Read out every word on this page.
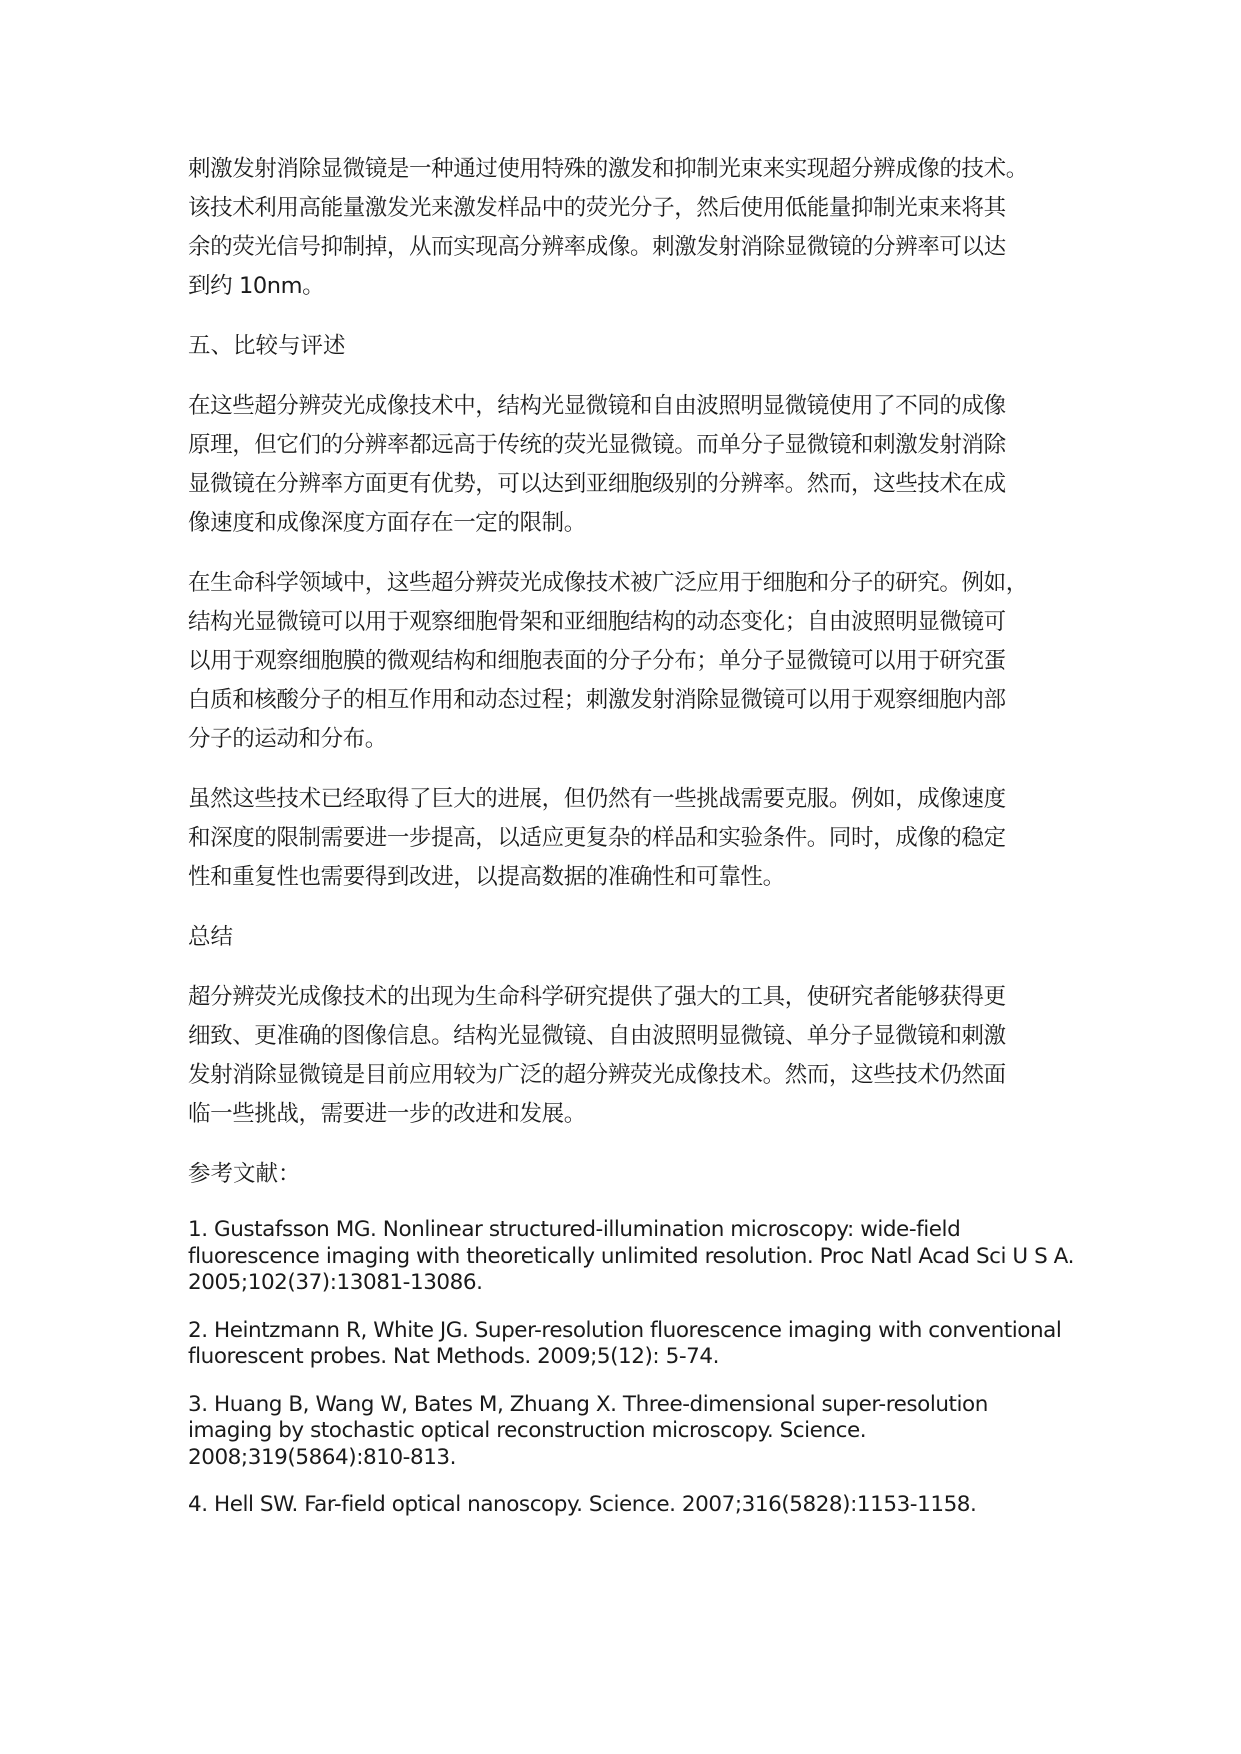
刺激发射消除显微镜是一种通过使用特殊的激发和抑制光束来实现超分辨成像的技术。
该技术利用高能量激发光来激发样品中的荧光分子，然后使用低能量抑制光束来将其
余的荧光信号抑制掉，从而实现高分辨率成像。刺激发射消除显微镜的分辨率可以达
到约 10nm。
五、比较与评述
在这些超分辨荧光成像技术中，结构光显微镜和自由波照明显微镜使用了不同的成像
原理，但它们的分辨率都远高于传统的荧光显微镜。而单分子显微镜和刺激发射消除
显微镜在分辨率方面更有优势，可以达到亚细胞级别的分辨率。然而，这些技术在成
像速度和成像深度方面存在一定的限制。
在生命科学领域中，这些超分辨荧光成像技术被广泛应用于细胞和分子的研究。例如，
结构光显微镜可以用于观察细胞骨架和亚细胞结构的动态变化；自由波照明显微镜可
以用于观察细胞膜的微观结构和细胞表面的分子分布；单分子显微镜可以用于研究蛋
白质和核酸分子的相互作用和动态过程；刺激发射消除显微镜可以用于观察细胞内部
分子的运动和分布。
虽然这些技术已经取得了巨大的进展，但仍然有一些挑战需要克服。例如，成像速度
和深度的限制需要进一步提高，以适应更复杂的样品和实验条件。同时，成像的稳定
性和重复性也需要得到改进，以提高数据的准确性和可靠性。
总结
超分辨荧光成像技术的出现为生命科学研究提供了强大的工具，使研究者能够获得更
细致、更准确的图像信息。结构光显微镜、自由波照明显微镜、单分子显微镜和刺激
发射消除显微镜是目前应用较为广泛的超分辨荧光成像技术。然而，这些技术仍然面
临一些挑战，需要进一步的改进和发展。
参考文献：
1. Gustafsson MG. Nonlinear structured-illumination microscopy: wide-field
fluorescence imaging with theoretically unlimited resolution. Proc Natl Acad Sci U S A.
2005;102(37):13081-13086.
2. Heintzmann R, White JG. Super-resolution fluorescence imaging with conventional
fluorescent probes. Nat Methods. 2009;5(12): 5-74.
3. Huang B, Wang W, Bates M, Zhuang X. Three-dimensional super-resolution
imaging by stochastic optical reconstruction microscopy. Science.
2008;319(5864):810-813.
4. Hell SW. Far-field optical nanoscopy. Science. 2007;316(5828):1153-1158.
